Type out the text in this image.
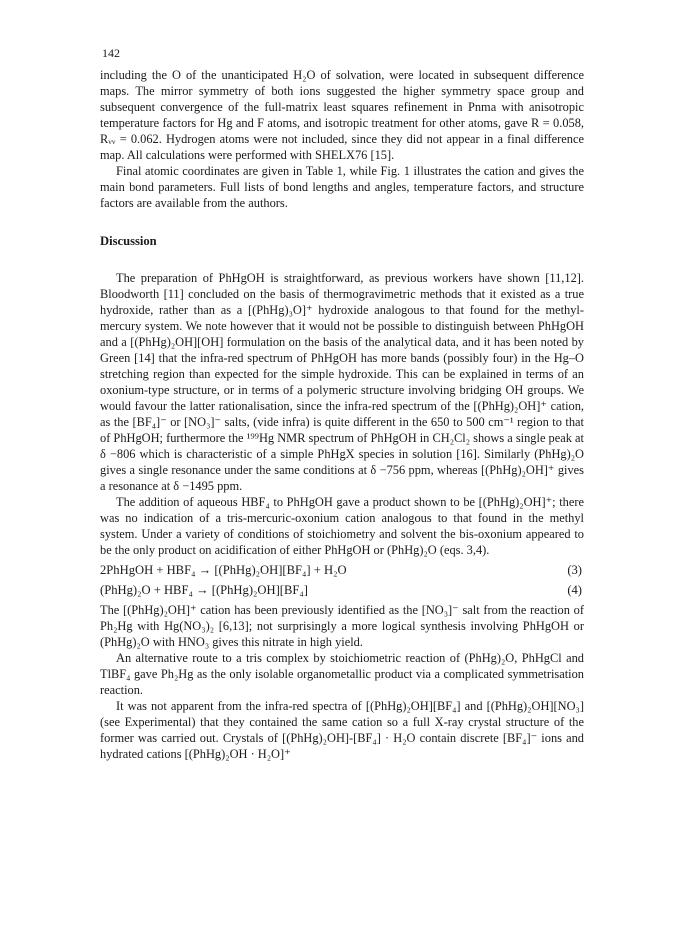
142

including the O of the unanticipated H₂O of solvation, were located in subsequent difference maps. The mirror symmetry of both ions suggested the higher symmetry space group and subsequent convergence of the full-matrix least squares refinement in Pnma with anisotropic temperature factors for Hg and F atoms, and isotropic treatment for other atoms, gave R = 0.058, Rᵥᵥ = 0.062. Hydrogen atoms were not included, since they did not appear in a final difference map. All calculations were performed with SHELX76 [15].

Final atomic coordinates are given in Table 1, while Fig. 1 illustrates the cation and gives the main bond parameters. Full lists of bond lengths and angles, temperature factors, and structure factors are available from the authors.

Discussion

The preparation of PhHgOH is straightforward, as previous workers have shown [11,12]. Bloodworth [11] concluded on the basis of thermogravimetric methods that it existed as a true hydroxide, rather than as a [(PhHg)₃O]⁺ hydroxide analogous to that found for the methyl-mercury system. We note however that it would not be possible to distinguish between PhHgOH and a [(PhHg)₂OH][OH] formulation on the basis of the analytical data, and it has been noted by Green [14] that the infra-red spectrum of PhHgOH has more bands (possibly four) in the Hg–O stretching region than expected for the simple hydroxide. This can be explained in terms of an oxonium-type structure, or in terms of a polymeric structure involving bridging OH groups. We would favour the latter rationalisation, since the infra-red spectrum of the [(PhHg)₂OH]⁺ cation, as the [BF₄]⁻ or [NO₃]⁻ salts, (vide infra) is quite different in the 650 to 500 cm⁻¹ region to that of PhHgOH; furthermore the ¹⁹⁹Hg NMR spectrum of PhHgOH in CH₂Cl₂ shows a single peak at δ −806 which is characteristic of a simple PhHgX species in solution [16]. Similarly (PhHg)₂O gives a single resonance under the same conditions at δ −756 ppm, whereas [(PhHg)₂OH]⁺ gives a resonance at δ −1495 ppm.

The addition of aqueous HBF₄ to PhHgOH gave a product shown to be [(PhHg)₂OH]⁺; there was no indication of a tris-mercuric-oxonium cation analogous to that found in the methyl system. Under a variety of conditions of stoichiometry and solvent the bis-oxonium appeared to be the only product on acidification of either PhHgOH or (PhHg)₂O (eqs. 3,4).

2PhHgOH + HBF₄ → [(PhHg)₂OH][BF₄] + H₂O	(3)
(PhHg)₂O + HBF₄ → [(PhHg)₂OH][BF₄]	(4)

The [(PhHg)₂OH]⁺ cation has been previously identified as the [NO₃]⁻ salt from the reaction of Ph₂Hg with Hg(NO₃)₂ [6,13]; not surprisingly a more logical synthesis involving PhHgOH or (PhHg)₂O with HNO₃ gives this nitrate in high yield.

An alternative route to a tris complex by stoichiometric reaction of (PhHg)₂O, PhHgCl and TlBF₄ gave Ph₂Hg as the only isolable organometallic product via a complicated symmetrisation reaction.

It was not apparent from the infra-red spectra of [(PhHg)₂OH][BF₄] and [(PhHg)₂OH][NO₃] (see Experimental) that they contained the same cation so a full X-ray crystal structure of the former was carried out. Crystals of [(PhHg)₂OH]-[BF₄] · H₂O contain discrete [BF₄]⁻ ions and hydrated cations [(PhHg)₂OH · H₂O]⁺
